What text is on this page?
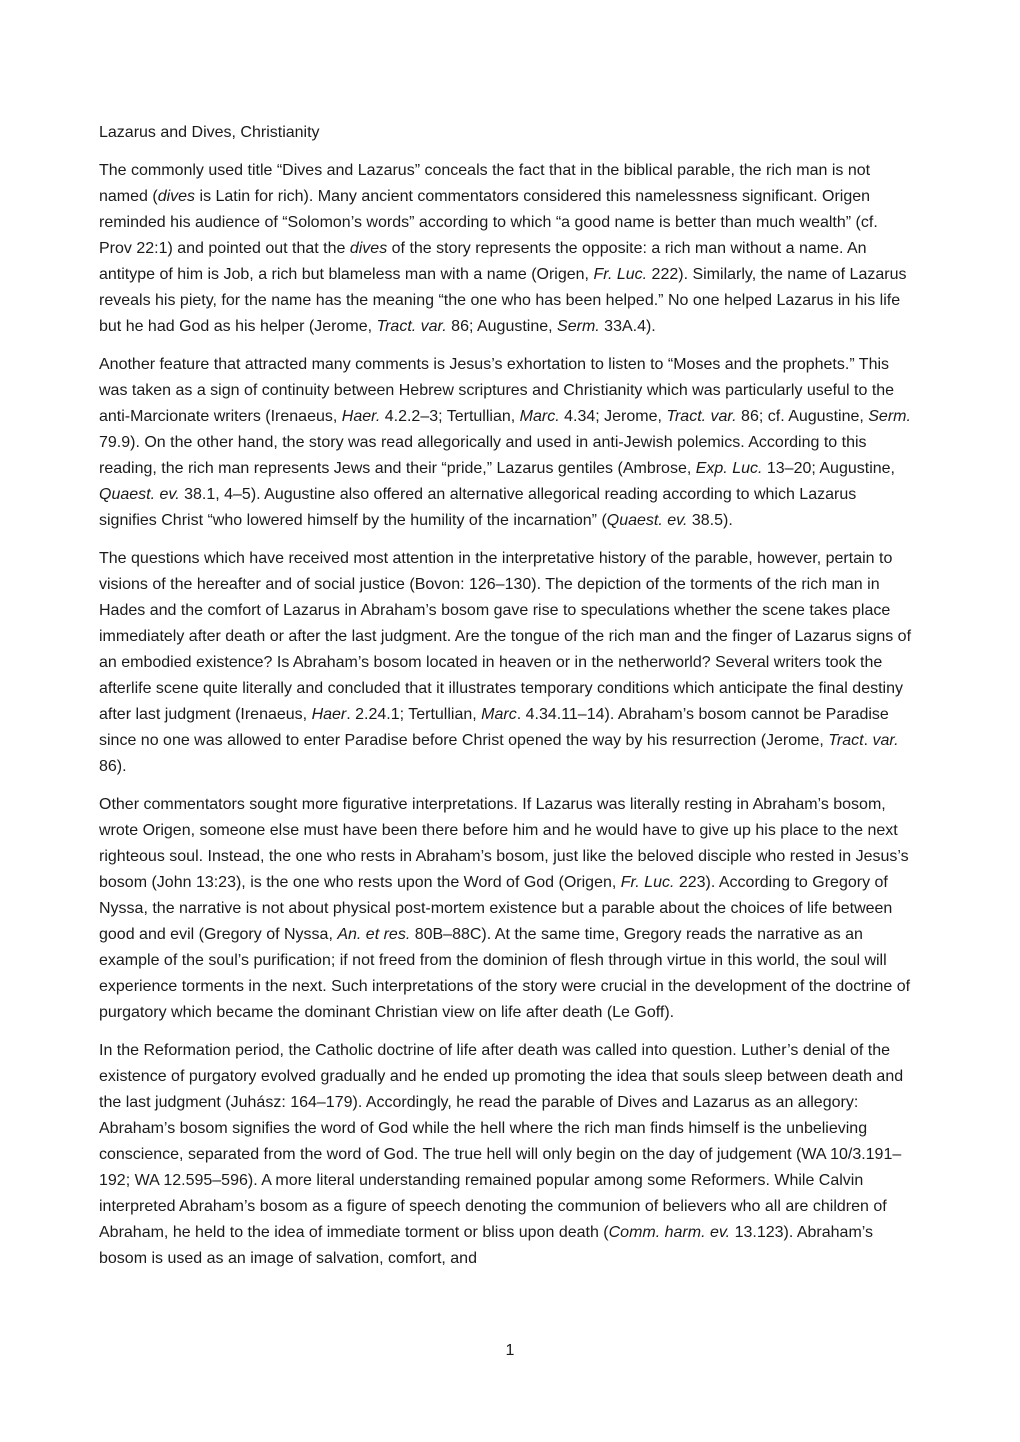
Lazarus and Dives, Christianity

The commonly used title “Dives and Lazarus” conceals the fact that in the biblical parable, the rich man is not named (dives is Latin for rich). Many ancient commentators considered this namelessness significant. Origen reminded his audience of “Solomon’s words” according to which “a good name is better than much wealth” (cf. Prov 22:1) and pointed out that the dives of the story represents the opposite: a rich man without a name. An antitype of him is Job, a rich but blameless man with a name (Origen, Fr. Luc. 222). Similarly, the name of Lazarus reveals his piety, for the name has the meaning “the one who has been helped.” No one helped Lazarus in his life but he had God as his helper (Jerome, Tract. var. 86; Augustine, Serm. 33A.4).

Another feature that attracted many comments is Jesus’s exhortation to listen to “Moses and the prophets.” This was taken as a sign of continuity between Hebrew scriptures and Christianity which was particularly useful to the anti-Marcionate writers (Irenaeus, Haer. 4.2.2–3; Tertullian, Marc. 4.34; Jerome, Tract. var. 86; cf. Augustine, Serm. 79.9). On the other hand, the story was read allegorically and used in anti-Jewish polemics. According to this reading, the rich man represents Jews and their “pride,” Lazarus gentiles (Ambrose, Exp. Luc. 13–20; Augustine, Quaest. ev. 38.1, 4–5). Augustine also offered an alternative allegorical reading according to which Lazarus signifies Christ “who lowered himself by the humility of the incarnation” (Quaest. ev. 38.5).

The questions which have received most attention in the interpretative history of the parable, however, pertain to visions of the hereafter and of social justice (Bovon: 126–130). The depiction of the torments of the rich man in Hades and the comfort of Lazarus in Abraham’s bosom gave rise to speculations whether the scene takes place immediately after death or after the last judgment. Are the tongue of the rich man and the finger of Lazarus signs of an embodied existence? Is Abraham’s bosom located in heaven or in the netherworld? Several writers took the afterlife scene quite literally and concluded that it illustrates temporary conditions which anticipate the final destiny after last judgment (Irenaeus, Haer. 2.24.1; Tertullian, Marc. 4.34.11–14). Abraham’s bosom cannot be Paradise since no one was allowed to enter Paradise before Christ opened the way by his resurrection (Jerome, Tract. var. 86).

Other commentators sought more figurative interpretations. If Lazarus was literally resting in Abraham’s bosom, wrote Origen, someone else must have been there before him and he would have to give up his place to the next righteous soul. Instead, the one who rests in Abraham’s bosom, just like the beloved disciple who rested in Jesus’s bosom (John 13:23), is the one who rests upon the Word of God (Origen, Fr. Luc. 223). According to Gregory of Nyssa, the narrative is not about physical post-mortem existence but a parable about the choices of life between good and evil (Gregory of Nyssa, An. et res. 80B–88C). At the same time, Gregory reads the narrative as an example of the soul’s purification; if not freed from the dominion of flesh through virtue in this world, the soul will experience torments in the next. Such interpretations of the story were crucial in the development of the doctrine of purgatory which became the dominant Christian view on life after death (Le Goff).

In the Reformation period, the Catholic doctrine of life after death was called into question. Luther’s denial of the existence of purgatory evolved gradually and he ended up promoting the idea that souls sleep between death and the last judgment (Juhász: 164–179). Accordingly, he read the parable of Dives and Lazarus as an allegory: Abraham’s bosom signifies the word of God while the hell where the rich man finds himself is the unbelieving conscience, separated from the word of God. The true hell will only begin on the day of judgement (WA 10/3.191–192; WA 12.595–596). A more literal understanding remained popular among some Reformers. While Calvin interpreted Abraham’s bosom as a figure of speech denoting the communion of believers who all are children of Abraham, he held to the idea of immediate torment or bliss upon death (Comm. harm. ev. 13.123). Abraham’s bosom is used as an image of salvation, comfort, and

1
